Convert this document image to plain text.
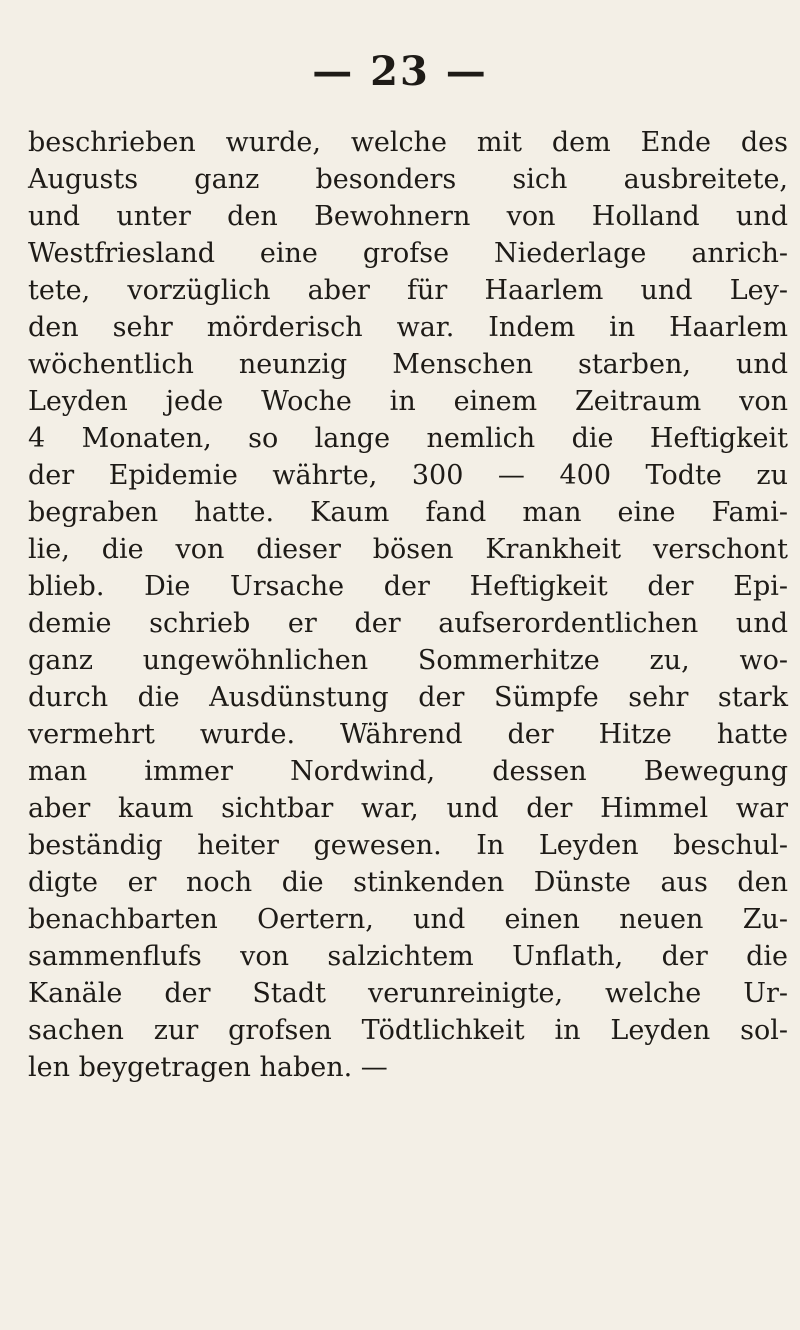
— 23 —
beschrieben wurde, welche mit dem Ende des
Augusts ganz besonders sich ausbreitete,
und unter den Bewohnern von Holland und
Westfriesland eine grofse Niederlage anrich-
tete, vorzüglich aber für Haarlem und Ley-
den sehr mörderisch war. Indem in Haarlem
wöchentlich neunzig Menschen starben, und
Leyden jede Woche in einem Zeitraum von
4 Monaten, so lange nemlich die Heftigkeit
der Epidemie währte, 300 — 400 Todte zu
begraben hatte. Kaum fand man eine Fami-
lie, die von dieser bösen Krankheit verschont
blieb. Die Ursache der Heftigkeit der Epi-
demie schrieb er der aufserordentlichen und
ganz ungewöhnlichen Sommerhitze zu, wo-
durch die Ausdünstung der Sümpfe sehr stark
vermehrt wurde. Während der Hitze hatte
man immer Nordwind, dessen Bewegung
aber kaum sichtbar war, und der Himmel war
beständig heiter gewesen. In Leyden beschul-
digte er noch die stinkenden Dünste aus den
benachbarten Oertern, und einen neuen Zu-
sammenflufs von salzichtem Unflath, der die
Kanäle der Stadt verunreinigte, welche Ur-
sachen zur grofsen Tödtlichkeit in Leyden sol-
len beygetragen haben. —
